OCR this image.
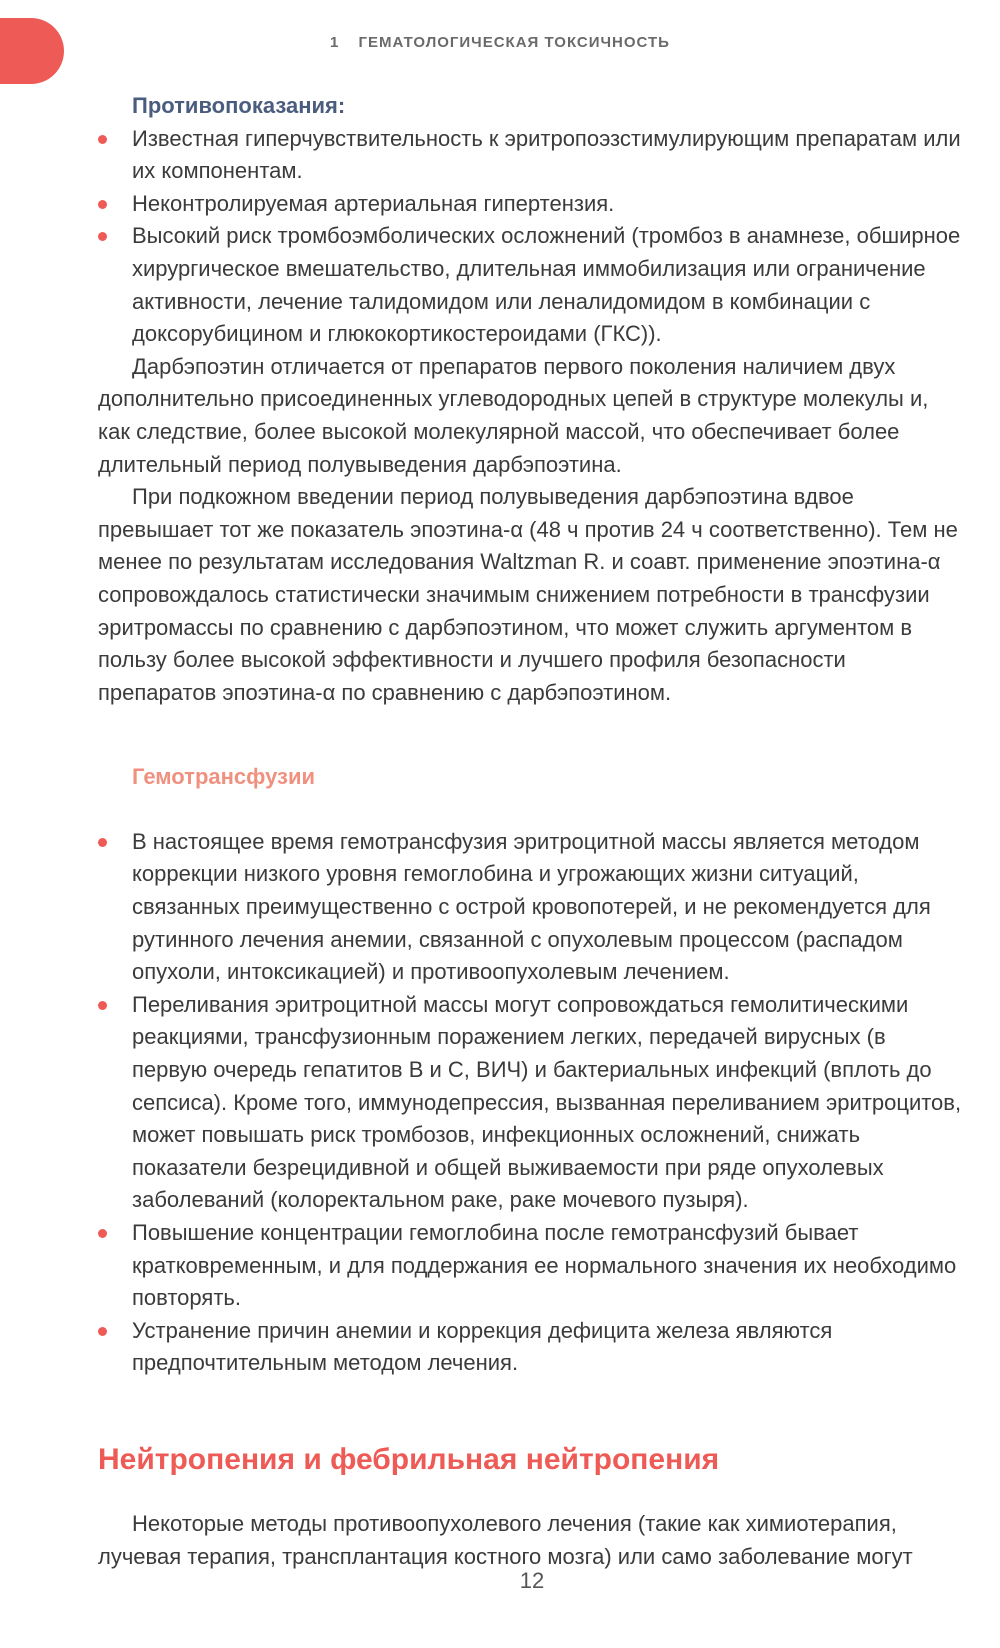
1 ГЕМАТОЛОГИЧЕСКАЯ ТОКСИЧНОСТЬ
Противопоказания:
Известная гиперчувствительность к эритропоэзстимулирующим препаратам или их компонентам.
Неконтролируемая артериальная гипертензия.
Высокий риск тромбоэмболических осложнений (тромбоз в анамнезе, обширное хирургическое вмешательство, длительная иммобилизация или ограничение активности, лечение талидомидом или леналидомидом в комбинации с доксорубицином и глюкокортикостероидами (ГКС)).

Дарбэпоэтин отличается от препаратов первого поколения наличием двух дополнительно присоединенных углеводородных цепей в структуре молекулы и, как следствие, более высокой молекулярной массой, что обеспечивает более длительный период полувыведения дарбэпоэтина.

При подкожном введении период полувыведения дарбэпоэтина вдвое превышает тот же показатель эпоэтина-α (48 ч против 24 ч соответственно). Тем не менее по результатам исследования Waltzman R. и соавт. применение эпоэтина-α сопровождалось статистически значимым снижением потребности в трансфузии эритромассы по сравнению с дарбэпоэтином, что может служить аргументом в пользу более высокой эффективности и лучшего профиля безопасности препаратов эпоэтина-α по сравнению с дарбэпоэтином.

Гемотрансфузии
В настоящее время гемотрансфузия эритроцитной массы является методом коррекции низкого уровня гемоглобина и угрожающих жизни ситуаций, связанных преимущественно с острой кровопотерей, и не рекомендуется для рутинного лечения анемии, связанной с опухолевым процессом (распадом опухоли, интоксикацией) и противоопухолевым лечением.
Переливания эритроцитной массы могут сопровождаться гемолитическими реакциями, трансфузионным поражением легких, передачей вирусных (в первую очередь гепатитов B и C, ВИЧ) и бактериальных инфекций (вплоть до сепсиса). Кроме того, иммунодепрессия, вызванная переливанием эритроцитов, может повышать риск тромбозов, инфекционных осложнений, снижать показатели безрецидивной и общей выживаемости при ряде опухолевых заболеваний (колоректальном раке, раке мочевого пузыря).
Повышение концентрации гемоглобина после гемотрансфузий бывает кратковременным, и для поддержания ее нормального значения их необходимо повторять.
Устранение причин анемии и коррекция дефицита железа являются предпочтительным методом лечения.
Нейтропения и фебрильная нейтропения

Некоторые методы противоопухолевого лечения (такие как химиотерапия, лучевая терапия, трансплантация костного мозга) или само заболевание могут

12
